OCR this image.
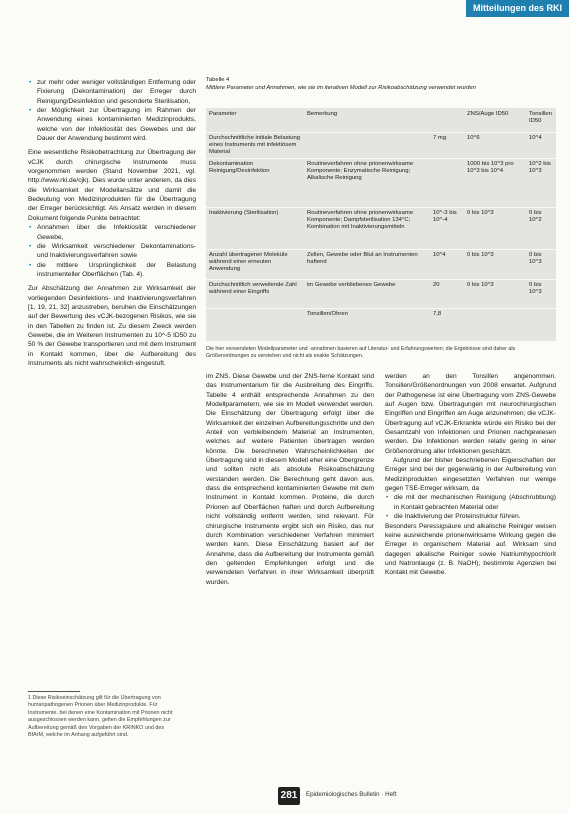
Mitteilungen des RKI
• zur mehr oder weniger vollständigen Entfernung oder Fixierung (Dekontamination) der Erreger durch Reinigung/Desinfektion und gesonderte Sterilisation,
• der Möglichkeit zur Übertragung im Rahmen der Anwendung eines kontaminierten Medizinprodukts, welche von der Infektiosität des Gewebes und der Dauer der Anwendung bestimmt wird.

Eine wesentliche Risikobetrachtung zur Übertragung der vCJK durch chirurgische Instrumente muss vorgenommen werden (Stand November 2021, vgl. http://www.rki.de/cjk). Dies wurde unter anderem, da dies die Wirksamkeit der Modellansätze und damit die Bedeutung von Medizinprodukten für die Übertragung der Erreger berücksichtigt. Als Ansatz werden in diesem Dokument folgende Punkte betrachtet:

• Annahmen über die Infektiosität verschiedener Gewebe,
• die Wirksamkeit verschiedener Dekontaminations- und Inaktivierungsverfahren sowie
• die mittlere Ursprünglichkeit der Belastung instrumenteller Oberflächen (Tab. 4).

Zur Abschätzung der Annahmen zur Wirksamkeit der vorliegenden Desinfektions- und Inaktivierungsverfahren [1, 19, 21, 32] anzustreben, beruhen die Einschätzungen auf der Bewertung des vCJK-bezogenen Risikos, wie sie in den Tabellen zu finden ist. Zu diesem Zweck werden Gewebe, die im Weiteren Instrumenten zu 10^-5 ID50 zu 50 % der Gewebe transportieren und mit dem Instrument in Kontakt kommen, über die Aufbereitung des Instruments als nicht wahrscheinlich eingestuft.

1 Diese Risikoeinschätzung gilt für die Übertragung von humanpathogenen Prionen über Medizinprodukte. Für Instrumente, bei denen eine Kontamination mit Prionen nicht ausgeschlossen werden kann, gelten die Empfehlungen zur Aufbereitung gemäß den Vorgaben der KRINKO und des BfArM, welche im Anhang aufgeführt sind.
Tabelle 4
Mittlere Parameter und Annahmen, wie sie im iterativen Modell zur Risikoabschätzung verwendet wurden
Parameter	Bemerkung		ZNS/Auge ID50	Tonsillen ID50
Durchschnittliche initiale Belastung eines Instruments mit infektiösem Material		7 mg	10^6	10^4
Dekontamination Reinigung/Desinfektion	Routineverfahren ohne prionenwirksame Komponente; Enzymatische Reinigung; Alkalische Reinigung		1000 bis 10^3 pro 10^3 bis 10^4	10^2 bis 10^3
Inaktivierung (Sterilisation)	Routineverfahren ohne prionenwirksame Komponente; Dampfsterilisation 134°C; Kombination mit Inaktivierungsmitteln	10^-3 bis 10^-4	0 bis 10^3	0 bis 10^2
Anzahl übertragener Moleküle während einer erneuten Anwendung	Zellen, Gewebe oder Blut an Instrumenten haftend	10^4	0 bis 10^3	0 bis 10^3
Durchschnittlich verweilende Zahl während einer Eingriffs	im Gewebe verbliebenes Gewebe	20	0 bis 10^3	0 bis 10^3
	Tonsillen/Ohren	7,8		
Die hier verwendeten Modellparameter und -annahmen basieren auf Literatur- und Erfahrungswerten; die Ergebnisse sind daher als Größenordnungen zu verstehen und nicht als exakte Schätzungen.

im ZNS. Diese Gewebe und der ZNS-ferne Kontakt sind das Instrumentarium für die Ausbreitung des Eingriffs. Tabelle 4 enthält entsprechende Annahmen zu den Modellparametern, wie sie im Modell verwendet werden. Die Einschätzung der Übertragung erfolgt über die Wirksamkeit der einzelnen Aufbereitungsschritte und den Anteil von verbleibendem Material an Instrumenten, welches auf weitere Patienten übertragen werden könnte. Die berechneten Wahrscheinlichkeiten der Übertragung sind in diesem Modell eher eine Obergrenze und sollten nicht als absolute Risikoabschätzung verstanden werden. Die Berechnung geht davon aus, dass die entsprechend kontaminierten Gewebe mit dem Instrument in Kontakt kommen. Proteine, die durch Prionen auf Oberflächen haften und durch Aufbereitung nicht vollständig entfernt werden, sind relevant. Für chirurgische Instrumente ergibt sich ein Risiko, das nur durch Kombination verschiedener Verfahren minimiert werden kann. Diese Einschätzung basiert auf der Annahme, dass die Aufbereitung der Instrumente gemäß den geltenden Empfehlungen erfolgt und die verwendeten Verfahren in ihrer Wirksamkeit überprüft wurden.

werden an den Tonsillen angenommen. Tonsillen/Größenordnungen von 2008 erwartet. Aufgrund der Pathogenese ist eine Übertragung vom ZNS-Gewebe auf Augen bzw. Übertragungen mit neurochirurgischen Eingriffen und Eingriffen am Auge anzunehmen; die vCJK-Übertragung auf vCJK-Erkrankte würde ein Risiko bei der Gesamtzahl von Infektionen und Prionen nachgewiesen werden. Die Infektionen werden relativ gering in einer Größenordnung aller Infektionen geschätzt.

Aufgrund der bisher beschriebenen Eigenschaften der Erreger sind bei der gegenwärtig in der Aufbereitung von Medizinprodukten eingesetzten Verfahren nur wenige gegen TSE-Erreger wirksam, da

• die mit der mechanischen Reinigung (Abschrubbung) in Kontakt gebrachten Material oder
• die Inaktivierung der Proteinstruktur führen.

Besonders Peressigsäure und alkalische Reiniger weisen keine ausreichende prionenwirksame Wirkung gegen die Erreger in organischem Material auf. Wirksam sind dagegen alkalische Reiniger sowie Natriumhypochlorit und Natronlauge (z. B. NaOH), bestimmte Agenzien bei Kontakt mit Gewebe.

281	Epidemiologisches Bulletin · Heft
